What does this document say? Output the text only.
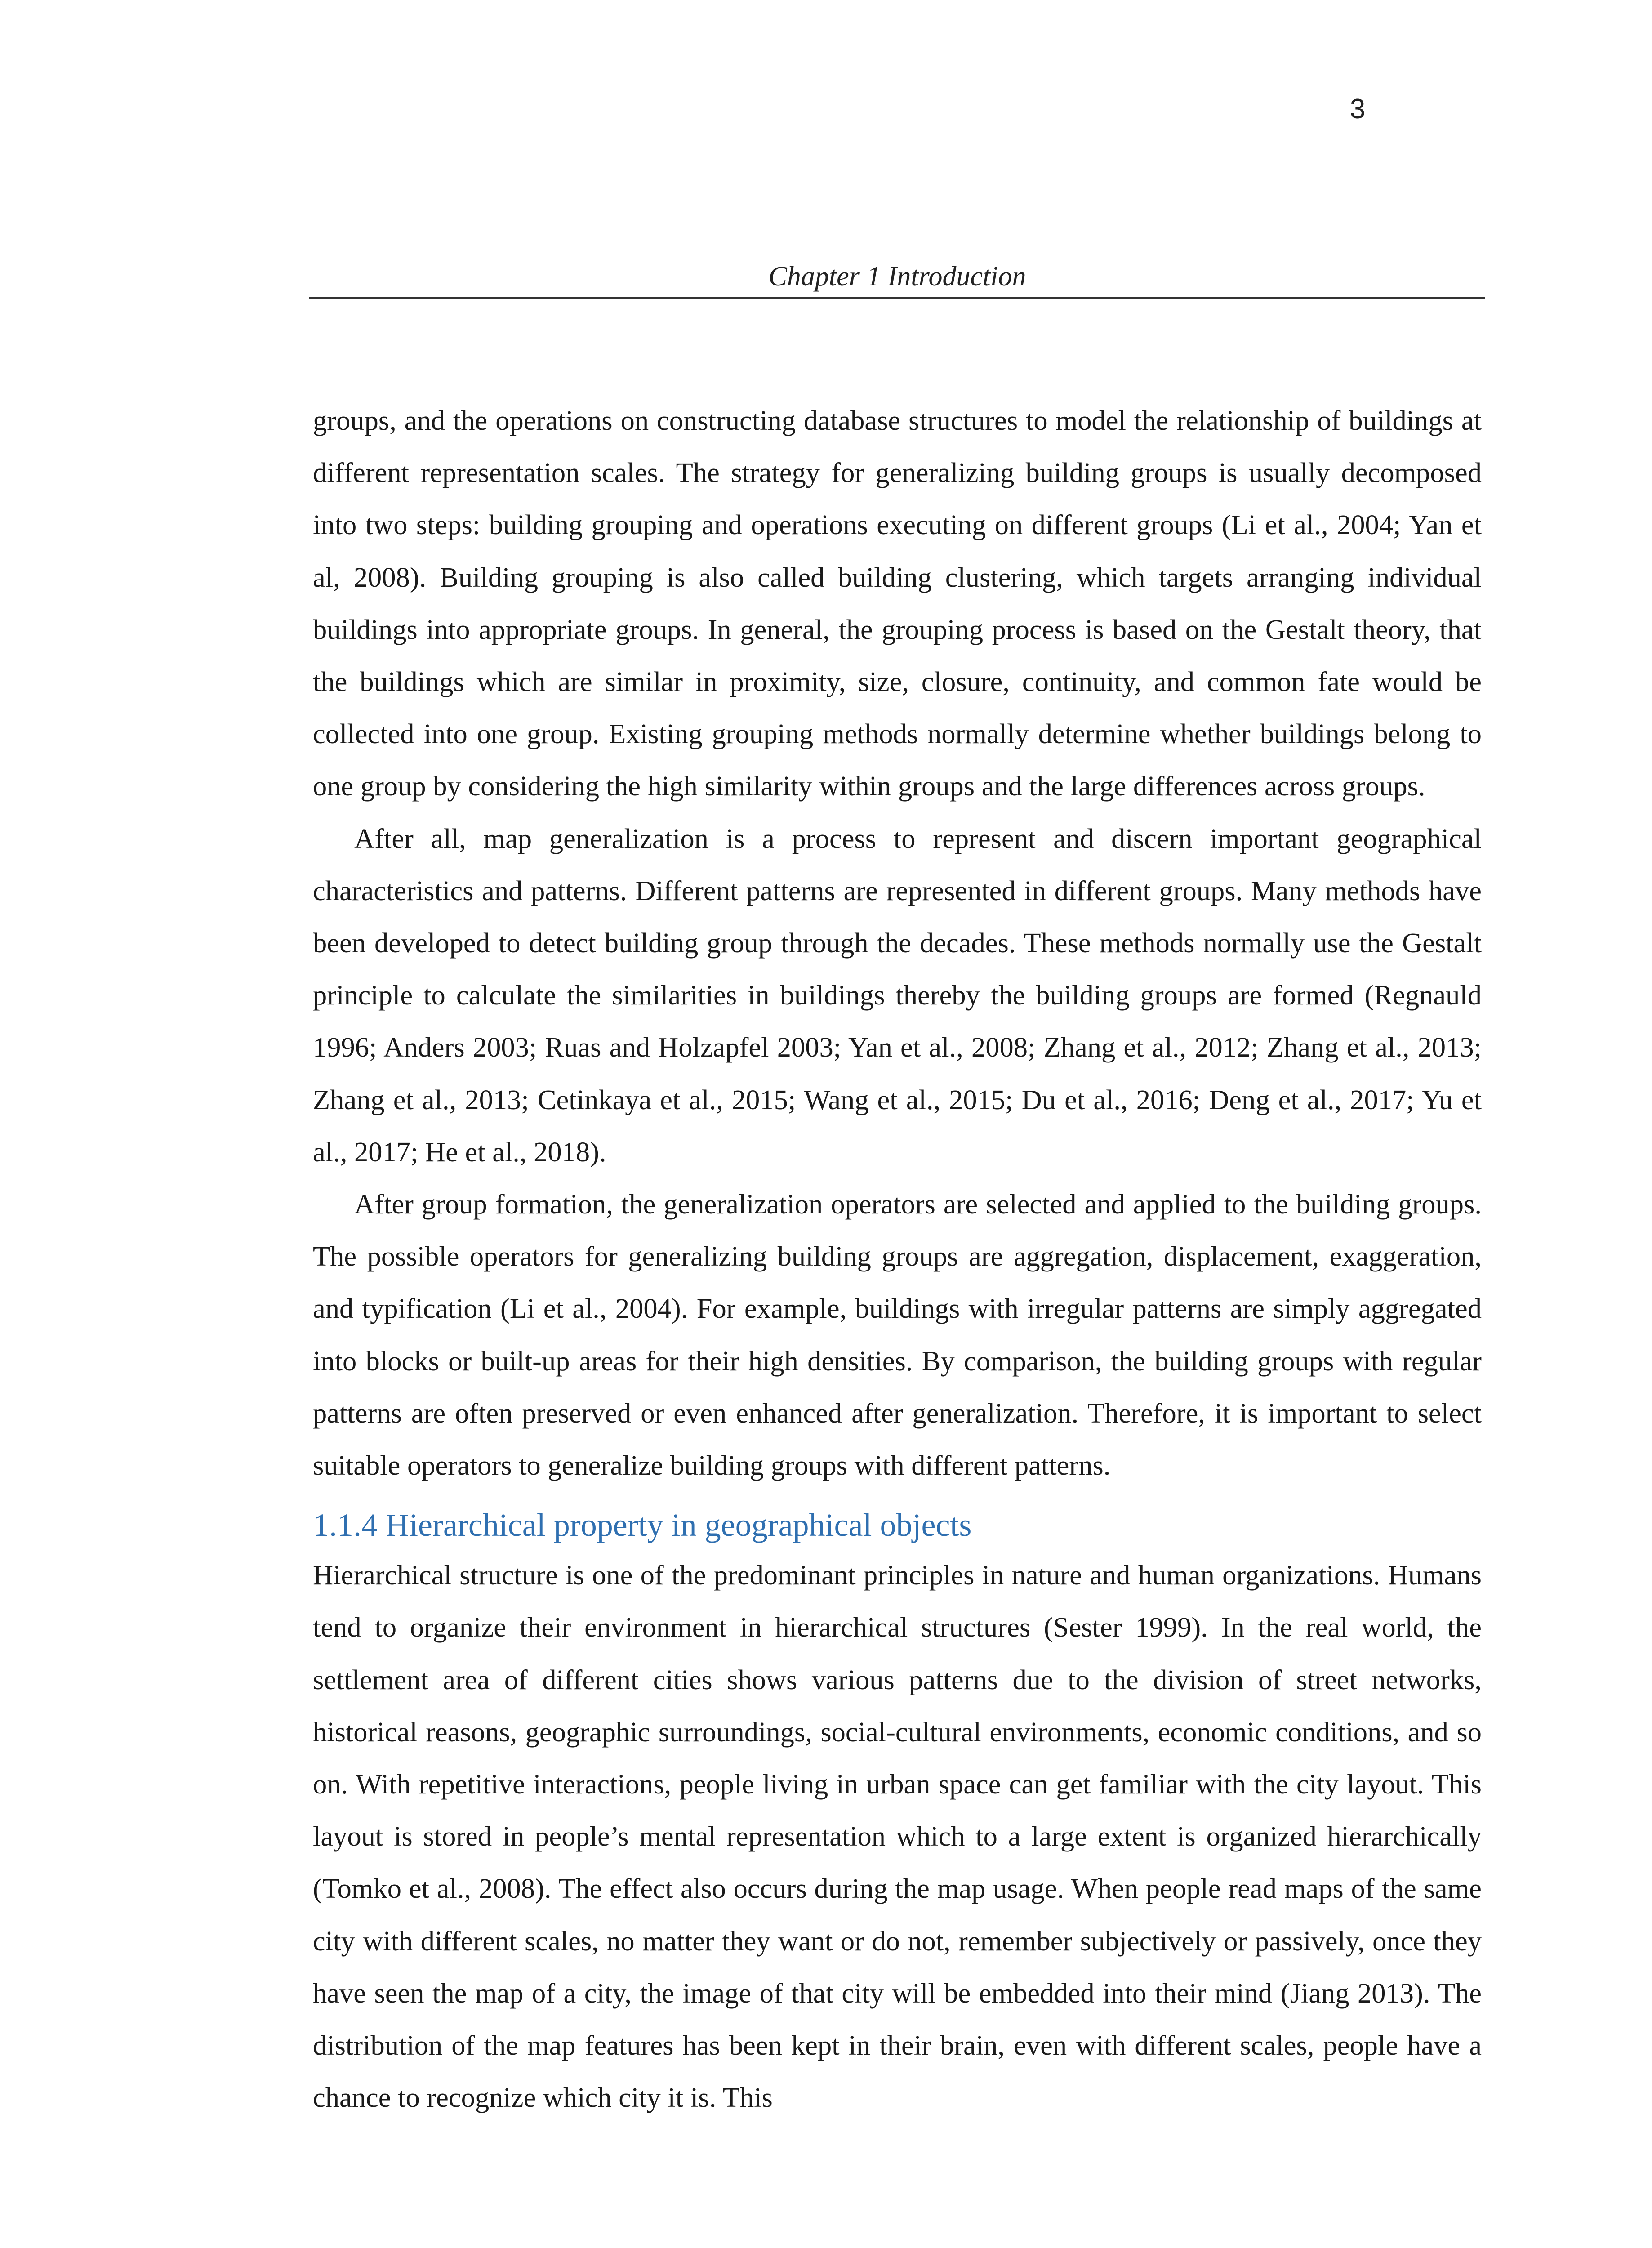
3
Chapter 1 Introduction

groups, and the operations on constructing database structures to model the relationship of buildings at different representation scales. The strategy for generalizing building groups is usually decomposed into two steps: building grouping and operations executing on different groups (Li et al., 2004; Yan et al, 2008). Building grouping is also called building clustering, which targets arranging individual buildings into appropriate groups. In general, the grouping process is based on the Gestalt theory, that the buildings which are similar in proximity, size, closure, continuity, and common fate would be collected into one group. Existing grouping methods normally determine whether buildings belong to one group by considering the high similarity within groups and the large differences across groups.

After all, map generalization is a process to represent and discern important geographical characteristics and patterns. Different patterns are represented in different groups. Many methods have been developed to detect building group through the decades. These methods normally use the Gestalt principle to calculate the similarities in buildings thereby the building groups are formed (Regnauld 1996; Anders 2003; Ruas and Holzapfel 2003; Yan et al., 2008; Zhang et al., 2012; Zhang et al., 2013; Zhang et al., 2013; Cetinkaya et al., 2015; Wang et al., 2015; Du et al., 2016; Deng et al., 2017; Yu et al., 2017; He et al., 2018).

After group formation, the generalization operators are selected and applied to the building groups. The possible operators for generalizing building groups are aggregation, displacement, exaggeration, and typification (Li et al., 2004). For example, buildings with irregular patterns are simply aggregated into blocks or built-up areas for their high densities. By comparison, the building groups with regular patterns are often preserved or even enhanced after generalization. Therefore, it is important to select suitable operators to generalize building groups with different patterns.

1.1.4 Hierarchical property in geographical objects

Hierarchical structure is one of the predominant principles in nature and human organizations. Humans tend to organize their environment in hierarchical structures (Sester 1999). In the real world, the settlement area of different cities shows various patterns due to the division of street networks, historical reasons, geographic surroundings, social-cultural environments, economic conditions, and so on. With repetitive interactions, people living in urban space can get familiar with the city layout. This layout is stored in people’s mental representation which to a large extent is organized hierarchically (Tomko et al., 2008). The effect also occurs during the map usage. When people read maps of the same city with different scales, no matter they want or do not, remember subjectively or passively, once they have seen the map of a city, the image of that city will be embedded into their mind (Jiang 2013). The distribution of the map features has been kept in their brain, even with different scales, people have a chance to recognize which city it is. This
